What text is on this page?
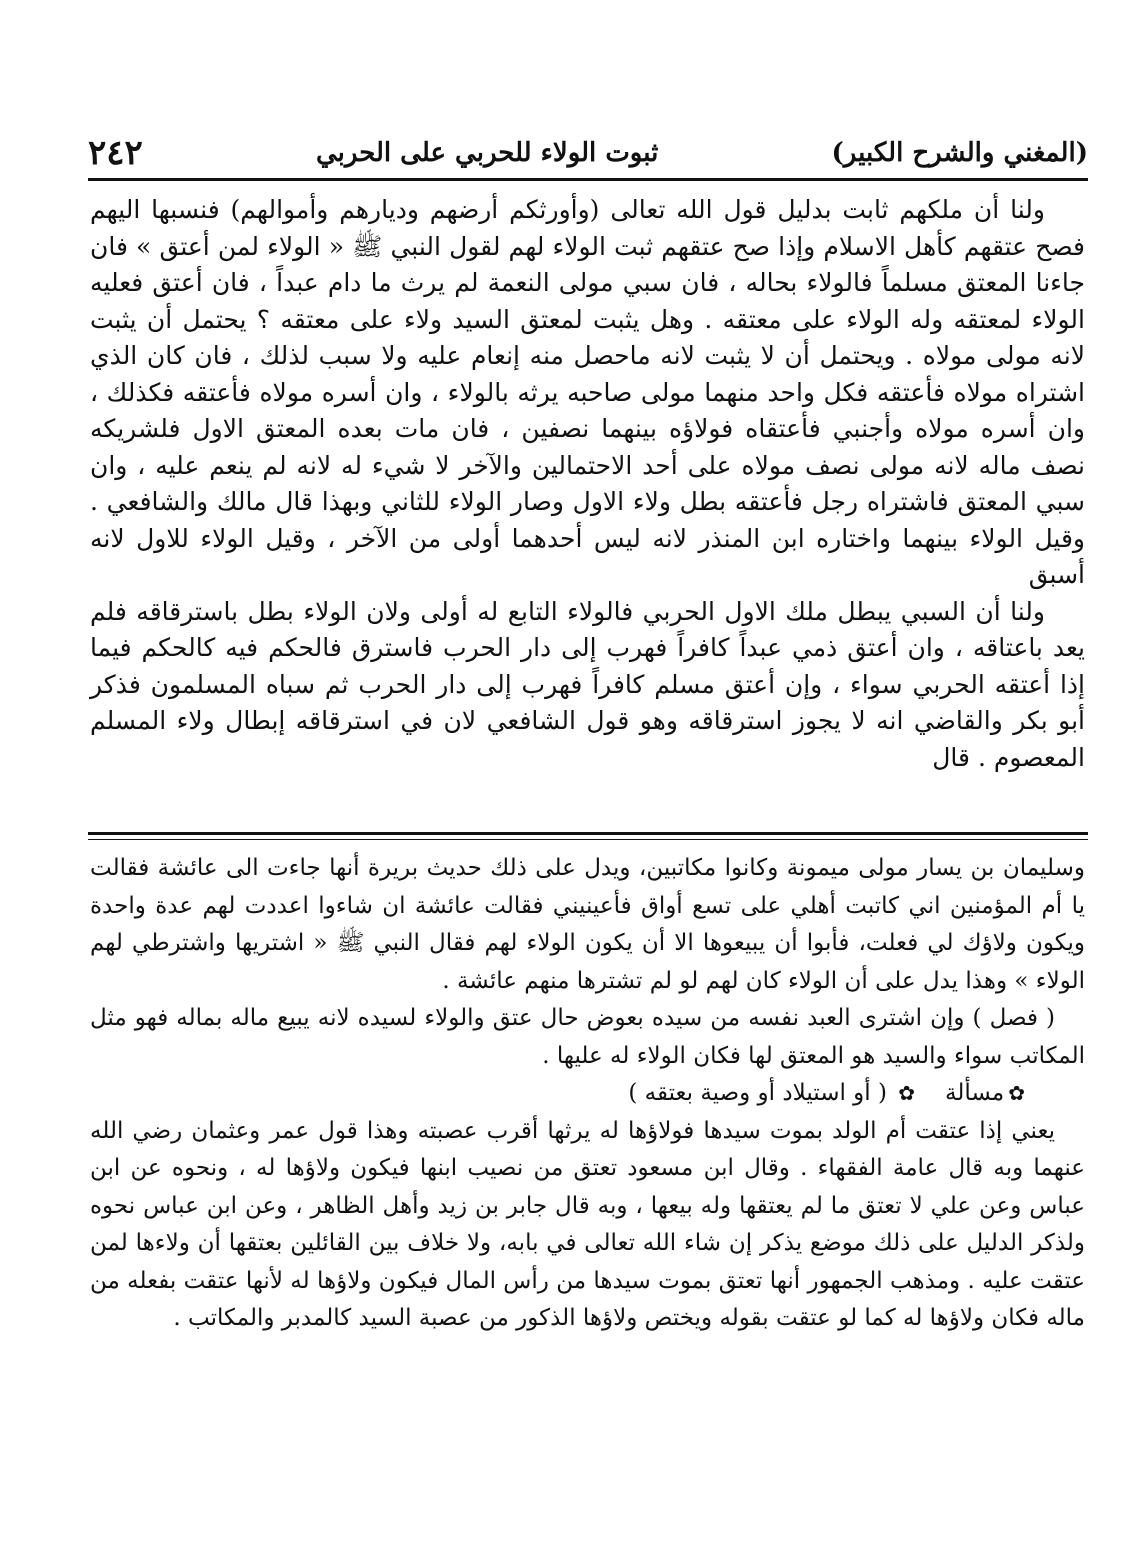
٢٤٢	ثبوت الولاء للحربي على الحربي	(المغني والشرح الكبير)

ولنا أن ملكهم ثابت بدليل قول الله تعالى (وأورثكم أرضهم وديارهم وأموالهم) فنسبها اليهم فصح عتقهم كأهل الاسلام وإذا صح عتقهم ثبت الولاء لهم لقول النبي ﷺ « الولاء لمن أعتق » فان جاءنا المعتق مسلماً فالولاء بحاله ، فان سبي مولى النعمة لم يرث ما دام عبداً ، فان أعتق فعليه الولاء لمعتقه وله الولاء على معتقه . وهل يثبت لمعتق السيد ولاء على معتقه ؟ يحتمل أن يثبت لانه مولى مولاه . ويحتمل أن لا يثبت لانه ماحصل منه إنعام عليه ولا سبب لذلك ، فان كان الذي اشتراه مولاه فأعتقه فكل واحد منهما مولى صاحبه يرثه بالولاء ، وان أسره مولاه فأعتقه فكذلك ، وان أسره مولاه وأجنبي فأعتقاه فولاؤه بينهما نصفين ، فان مات بعده المعتق الاول فلشريكه نصف ماله لانه مولى نصف مولاه على أحد الاحتمالين والآخر لا شيء له لانه لم ينعم عليه ، وان سبي المعتق فاشتراه رجل فأعتقه بطل ولاء الاول وصار الولاء للثاني وبهذا قال مالك والشافعي . وقيل الولاء بينهما واختاره ابن المنذر لانه ليس أحدهما أولى من الآخر ، وقيل الولاء للاول لانه أسبق

ولنا أن السبي يبطل ملك الاول الحربي فالولاء التابع له أولى ولان الولاء بطل باسترقاقه فلم يعد باعتاقه ، وان أعتق ذمي عبداً كافراً فهرب إلى دار الحرب فاسترق فالحكم فيه كالحكم فيما إذا أعتقه الحربي سواء ، وإن أعتق مسلم كافراً فهرب إلى دار الحرب ثم سباه المسلمون فذكر أبو بكر والقاضي انه لا يجوز استرقاقه وهو قول الشافعي لان في استرقاقه إبطال ولاء المسلم المعصوم . قال

وسليمان بن يسار مولى ميمونة وكانوا مكاتبين، ويدل على ذلك حديث بريرة أنها جاءت الى عائشة فقالت يا أم المؤمنين اني كاتبت أهلي على تسع أواق فأعينيني فقالت عائشة ان شاءوا اعددت لهم عدة واحدة ويكون ولاؤك لي فعلت، فأبوا أن يبيعوها الا أن يكون الولاء لهم فقال النبي ﷺ « اشتريها واشترطي لهم الولاء » وهذا يدل على أن الولاء كان لهم لو لم تشترها منهم عائشة .

( فصل ) وإن اشترى العبد نفسه من سيده بعوض حال عتق والولاء لسيده لانه يبيع ماله بماله فهو مثل المكاتب سواء والسيد هو المعتق لها فكان الولاء له عليها .

✿مسألة✿ ( أو استيلاد أو وصية بعتقه )

يعني إذا عتقت أم الولد بموت سيدها فولاؤها له يرثها أقرب عصبته وهذا قول عمر وعثمان رضي الله عنهما وبه قال عامة الفقهاء . وقال ابن مسعود تعتق من نصيب ابنها فيكون ولاؤها له ، ونحوه عن ابن عباس وعن علي لا تعتق ما لم يعتقها وله بيعها ، وبه قال جابر بن زيد وأهل الظاهر ، وعن ابن عباس نحوه ولذكر الدليل على ذلك موضع يذكر إن شاء الله تعالى في بابه، ولا خلاف بين القائلين بعتقها أن ولاءها لمن عتقت عليه . ومذهب الجمهور أنها تعتق بموت سيدها من رأس المال فيكون ولاؤها له لأنها عتقت بفعله من ماله فكان ولاؤها له كما لو عتقت بقوله ويختص ولاؤها الذكور من عصبة السيد كالمدبر والمكاتب .
